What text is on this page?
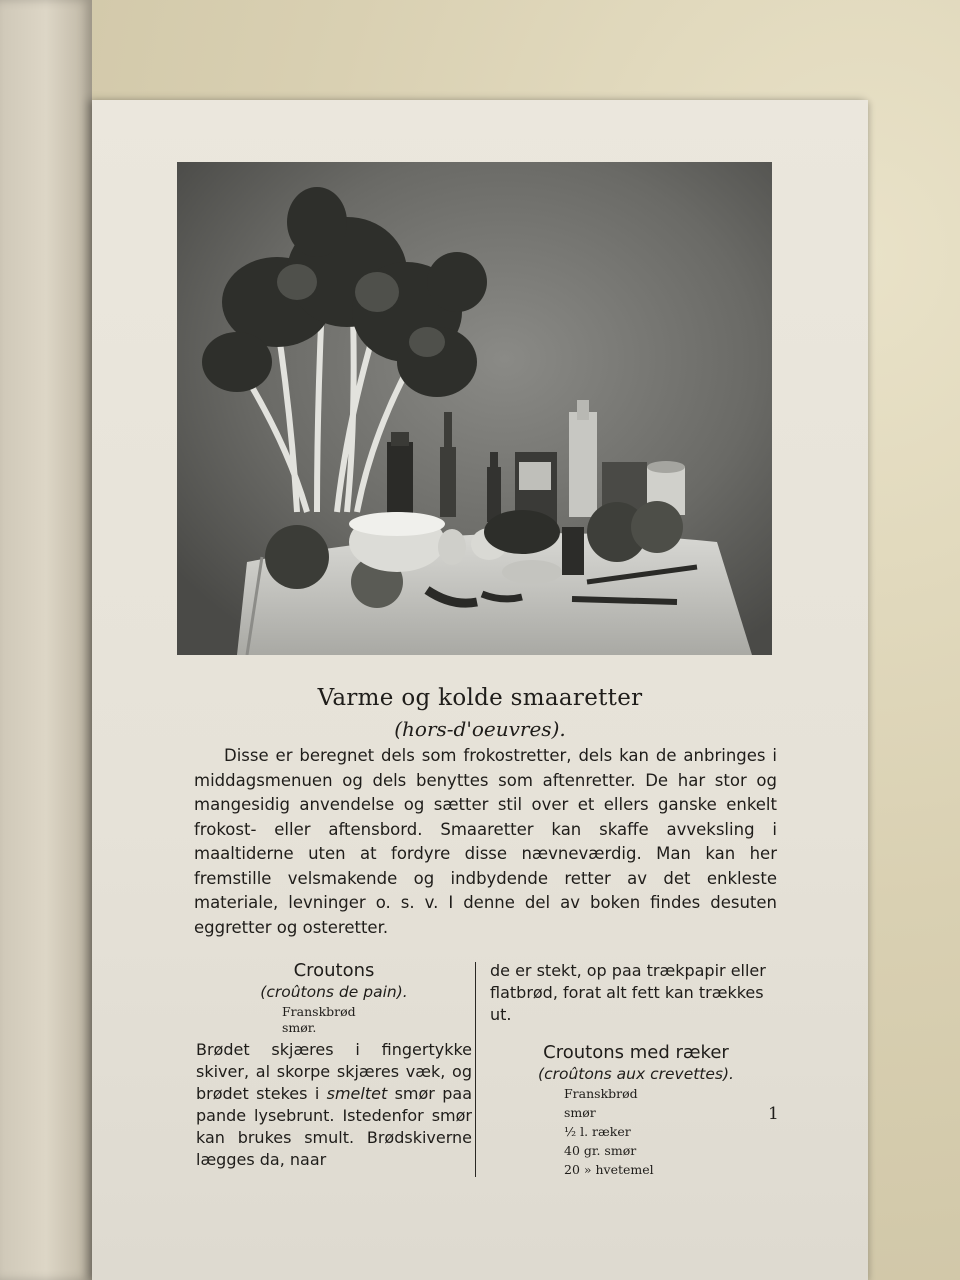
Varme og kolde smaaretter
(hors-d'oeuvres).

Disse er beregnet dels som frokostretter, dels kan de anbringes i middagsmenuen og dels benyttes som aftenretter. De har stor og mangesidig anvendelse og sætter stil over et ellers ganske enkelt frokost- eller aftensbord. Smaaretter kan skaffe avveksling i maaltiderne uten at fordyre disse nævneværdig. Man kan her fremstille velsmakende og indbydende retter av det enkleste materiale, levninger o. s. v. I denne del av boken findes desuten eggretter og osteretter.

Croutons

(croûtons de pain).

Franskbrød

smør.

Brødet skjæres i fingertykke skiver, al skorpe skjæres væk, og brødet stekes i smeltet smør paa pande lysebrunt. Istedenfor smør kan brukes smult. Brødskiverne lægges da, naar

de er stekt, op paa trækpapir eller flatbrød, forat alt fett kan trækkes ut.

Croutons med ræker

(croûtons aux crevettes).

Franskbrød

smør

½ l. ræker

40 gr. smør

20 » hvetemel

1
